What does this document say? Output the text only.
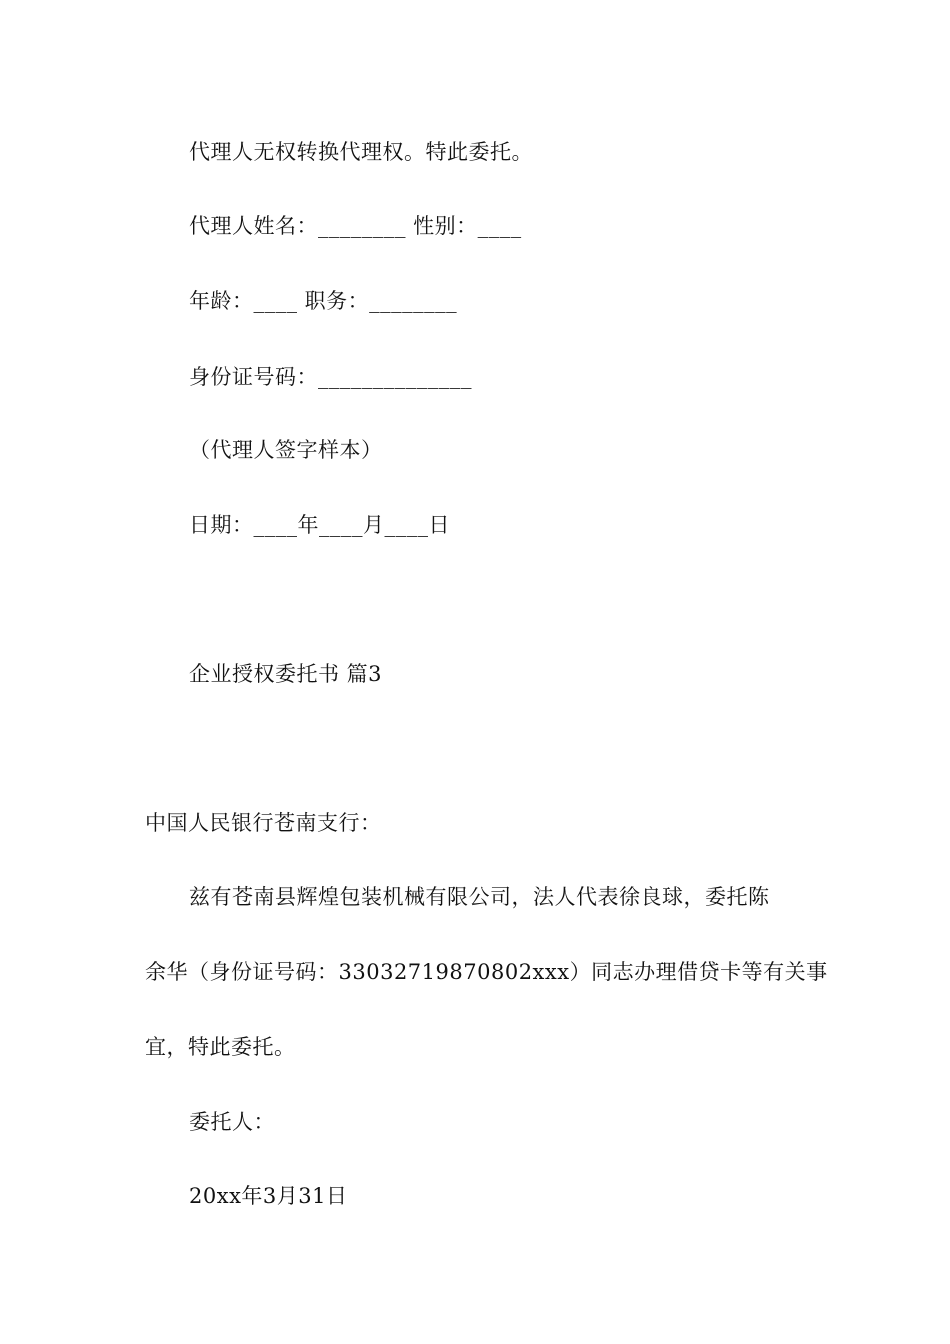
代理人无权转换代理权。特此委托。
代理人姓名：________ 性别：____
年龄：____ 职务：________
身份证号码：______________
（代理人签字样本）
日期：____年____月____日
企业授权委托书 篇3
中国人民银行苍南支行：
兹有苍南县辉煌包装机械有限公司，法人代表徐良球，委托陈
余华（身份证号码：33032719870802xxx）同志办理借贷卡等有关事
宜，特此委托。
委托人：
20xx年3月31日
